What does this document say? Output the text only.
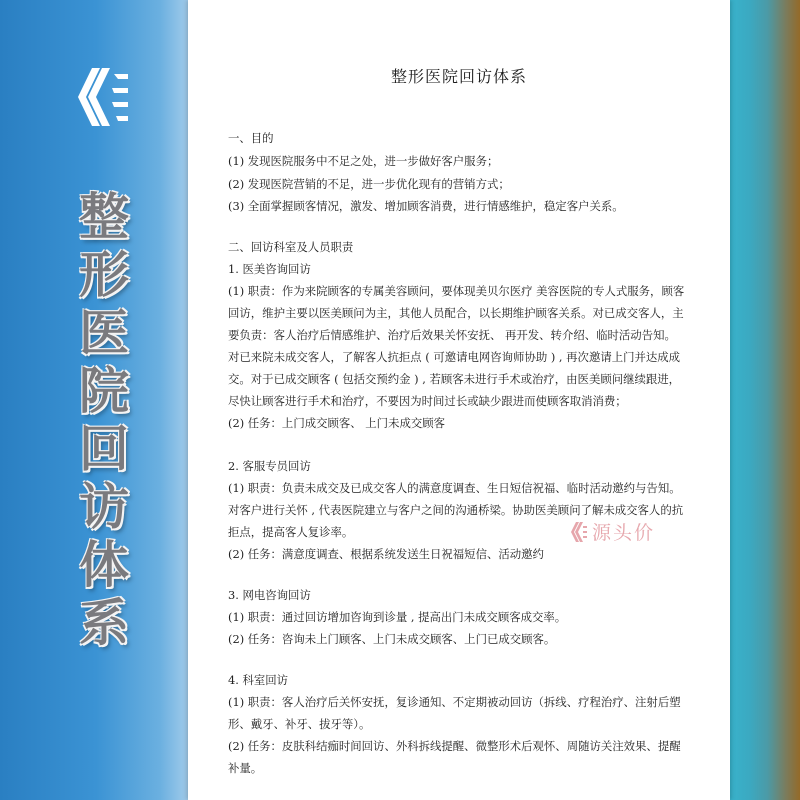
整
形
医
院
回
访
体
系
整形医院回访体系
一、目的
(1) 发现医院服务中不足之处，进一步做好客户服务；
(2) 发现医院营销的不足，进一步优化现有的营销方式；
(3) 全面掌握顾客情况，激发、增加顾客消费，进行情感维护，稳定客户关系。
二、回访科室及人员职责
1. 医美咨询回访
(1) 职责：作为来院顾客的专属美容顾问，要体现美贝尔医疗 美容医院的专人式服务，顾客
回访，维护主要以医美顾问为主，其他人员配合，以长期维护顾客关系。对已成交客人，主
要负责：客人治疗后情感维护、治疗后效果关怀安抚、 再开发、转介绍、临时活动告知。
对已来院未成交客人，了解客人抗拒点 ( 可邀请电网咨询师协助 ) , 再次邀请上门并达成成
交。对于已成交顾客 ( 包括交预约金 ) , 若顾客未进行手术或治疗，由医美顾问继续跟进，
尽快让顾客进行手术和治疗，不要因为时间过长或缺少跟进而使顾客取消消费；
(2) 任务：上门成交顾客、 上门未成交顾客
2. 客服专员回访
(1) 职责：负责未成交及已成交客人的满意度调查、生日短信祝福、临时活动邀约与告知。
对客户进行关怀 , 代表医院建立与客户之间的沟通桥梁。协助医美顾问了解未成交客人的抗
拒点，提高客人复诊率。
(2) 任务：满意度调查、根据系统发送生日祝福短信、活动邀约
3. 网电咨询回访
(1) 职责：通过回访增加咨询到诊量 , 提高出门未成交顾客成交率。
(2) 任务：咨询未上门顾客、上门未成交顾客、上门已成交顾客。
4. 科室回访
(1) 职责：客人治疗后关怀安抚，复诊通知、不定期被动回访（拆线、疗程治疗、注射后塑
形、戴牙、补牙、拔牙等）。
(2) 任务：皮肤科结痂时间回访、外科拆线提醒、微整形术后观怀、周随访关注效果、提醒
补量。
源头价
